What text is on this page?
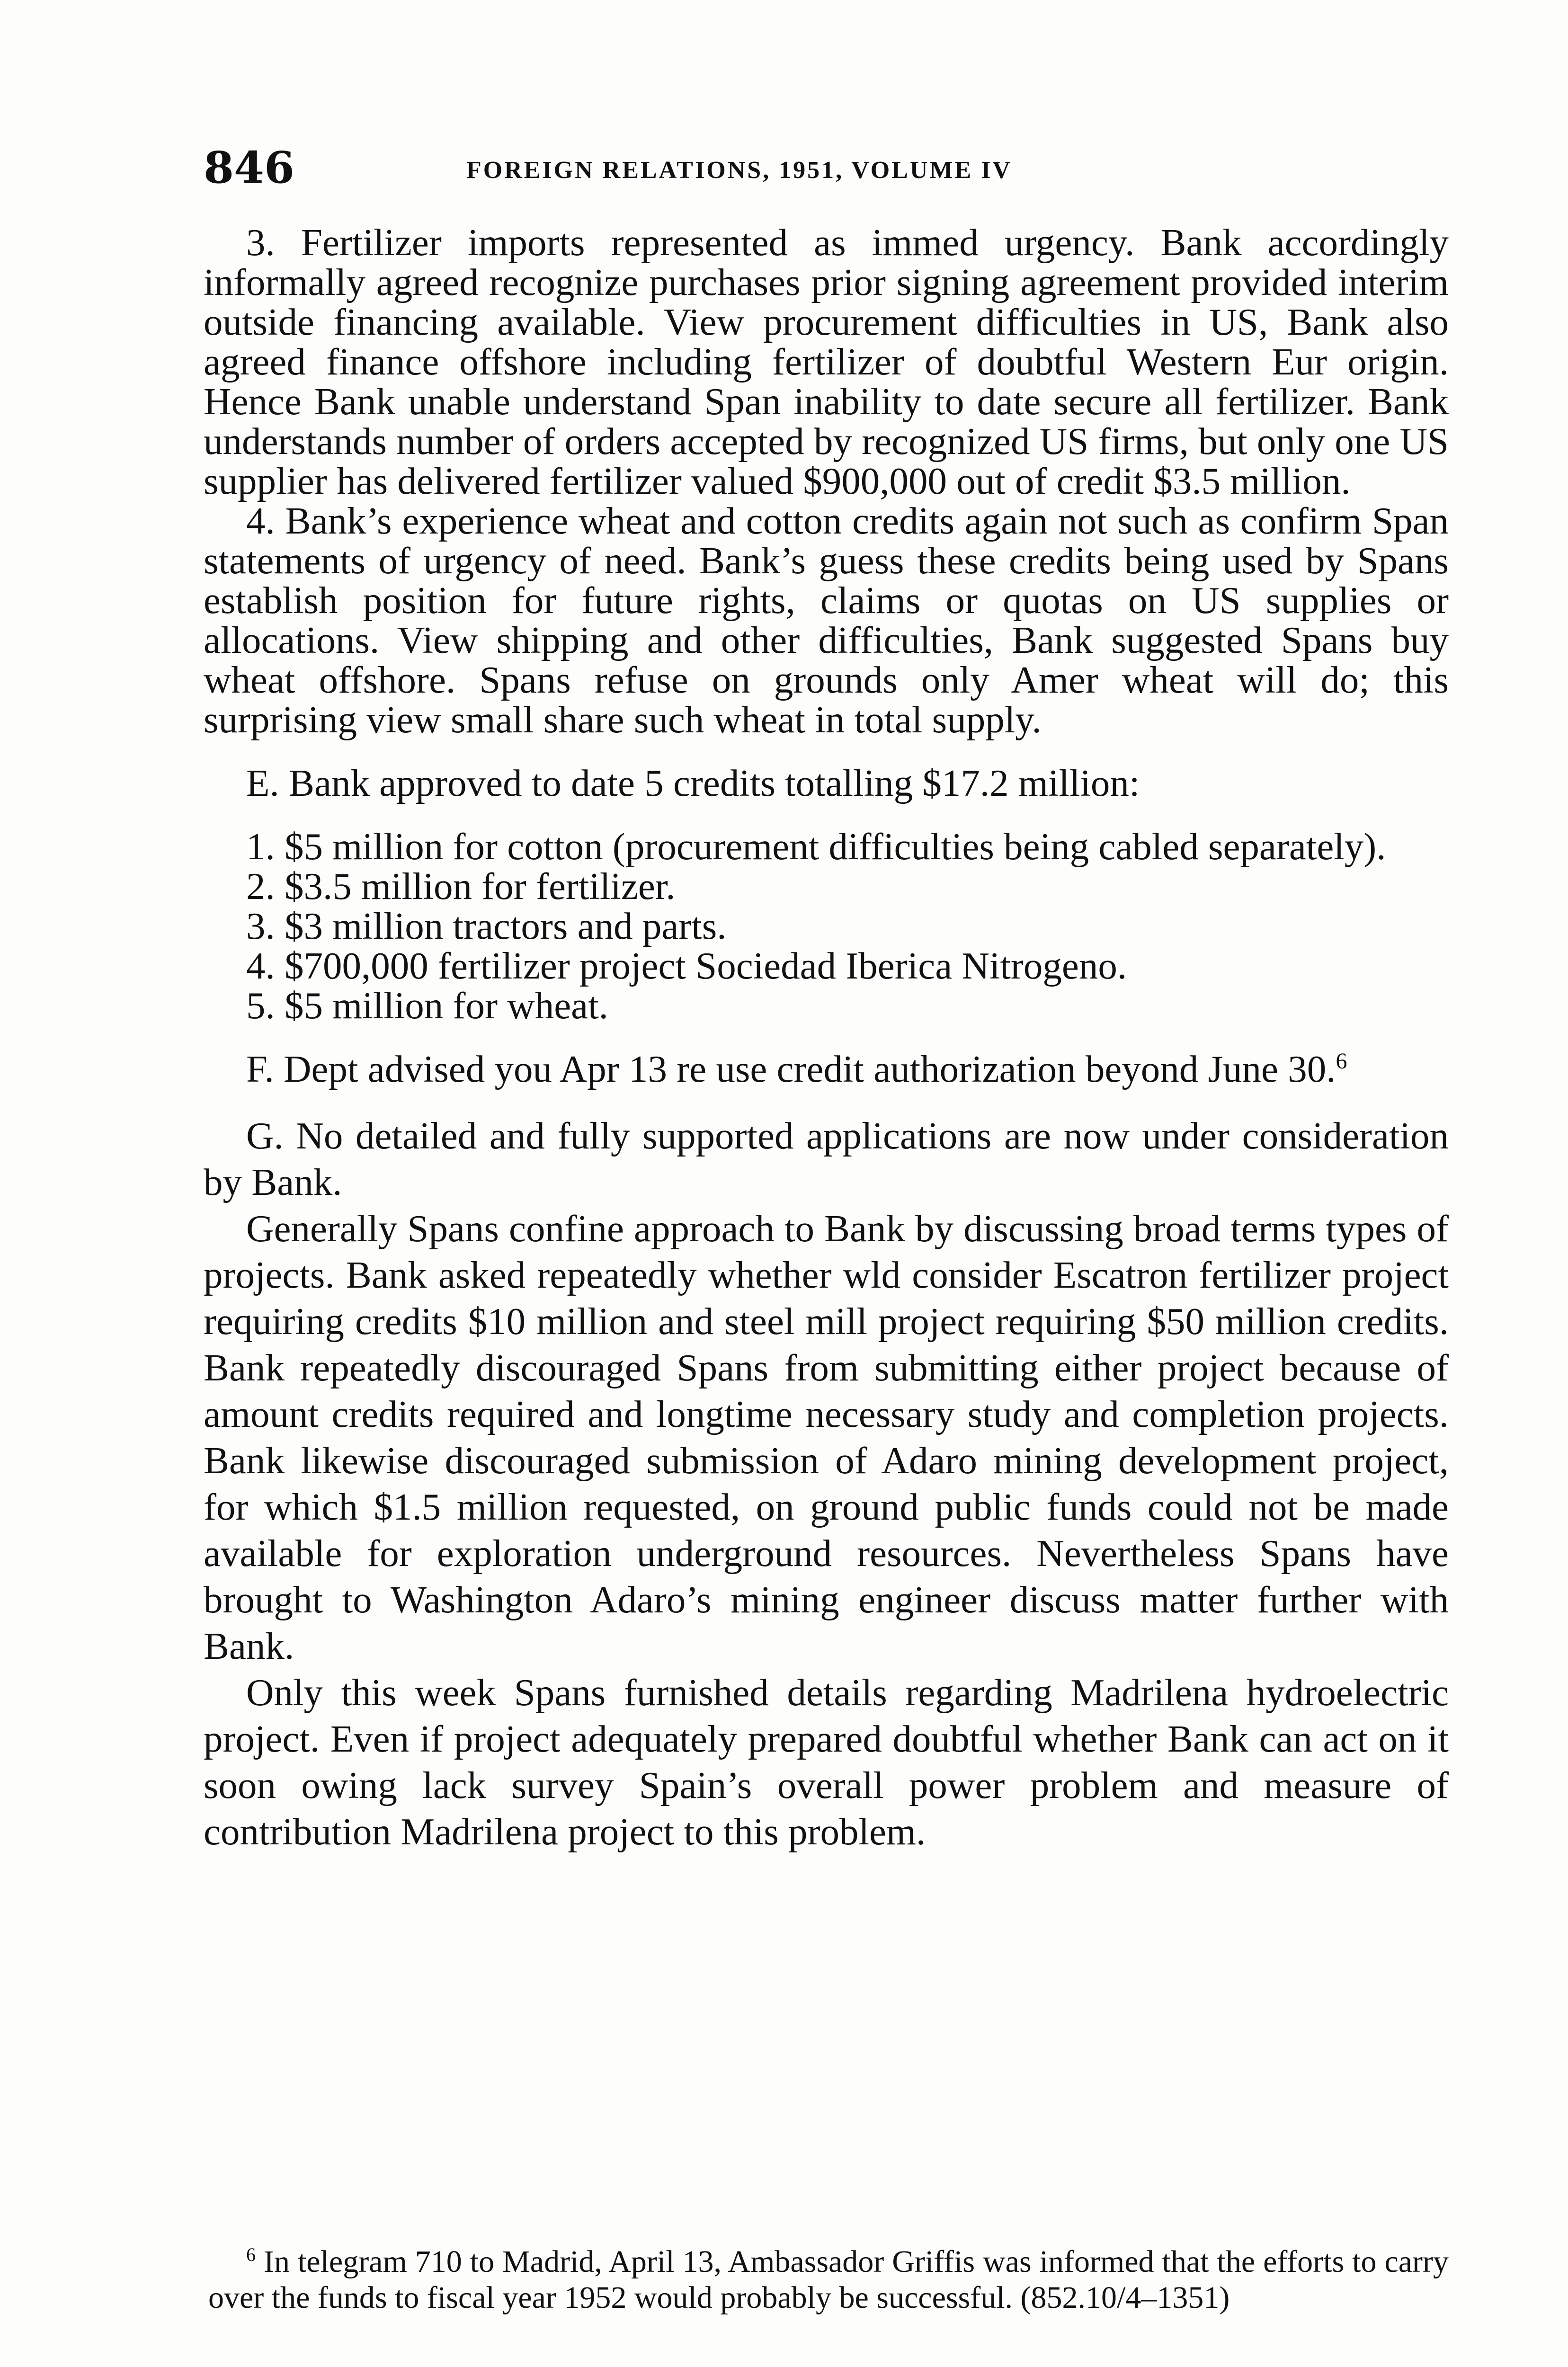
846	FOREIGN RELATIONS, 1951, VOLUME IV

3. Fertilizer imports represented as immed urgency. Bank accordingly informally agreed recognize purchases prior signing agreement provided interim outside financing available. View procurement difficulties in US, Bank also agreed finance offshore including fertilizer of doubtful Western Eur origin. Hence Bank unable understand Span inability to date secure all fertilizer. Bank understands number of orders accepted by recognized US firms, but only one US supplier has delivered fertilizer valued $900,000 out of credit $3.5 million.

4. Bank’s experience wheat and cotton credits again not such as confirm Span statements of urgency of need. Bank’s guess these credits being used by Spans establish position for future rights, claims or quotas on US supplies or allocations. View shipping and other difficulties, Bank suggested Spans buy wheat offshore. Spans refuse on grounds only Amer wheat will do; this surprising view small share such wheat in total supply.

E. Bank approved to date 5 credits totalling $17.2 million:

1. $5 million for cotton (procurement difficulties being cabled separately).

2. $3.5 million for fertilizer.

3. $3 million tractors and parts.

4. $700,000 fertilizer project Sociedad Iberica Nitrogeno.

5. $5 million for wheat.

F. Dept advised you Apr 13 re use credit authorization beyond June 30.$^6$

G. No detailed and fully supported applications are now under consideration by Bank.

Generally Spans confine approach to Bank by discussing broad terms types of projects. Bank asked repeatedly whether wld consider Escatron fertilizer project requiring credits $10 million and steel mill project requiring $50 million credits. Bank repeatedly discouraged Spans from submitting either project because of amount credits required and longtime necessary study and completion projects. Bank likewise discouraged submission of Adaro mining development project, for which $1.5 million requested, on ground public funds could not be made available for exploration underground resources. Nevertheless Spans have brought to Washington Adaro’s mining engineer discuss matter further with Bank.

Only this week Spans furnished details regarding Madrilena hydroelectric project. Even if project adequately prepared doubtful whether Bank can act on it soon owing lack survey Spain’s overall power problem and measure of contribution Madrilena project to this problem.

$^6$ In telegram 710 to Madrid, April 13, Ambassador Griffis was informed that the efforts to carry over the funds to fiscal year 1952 would probably be successful. (852.10/4–1351)
